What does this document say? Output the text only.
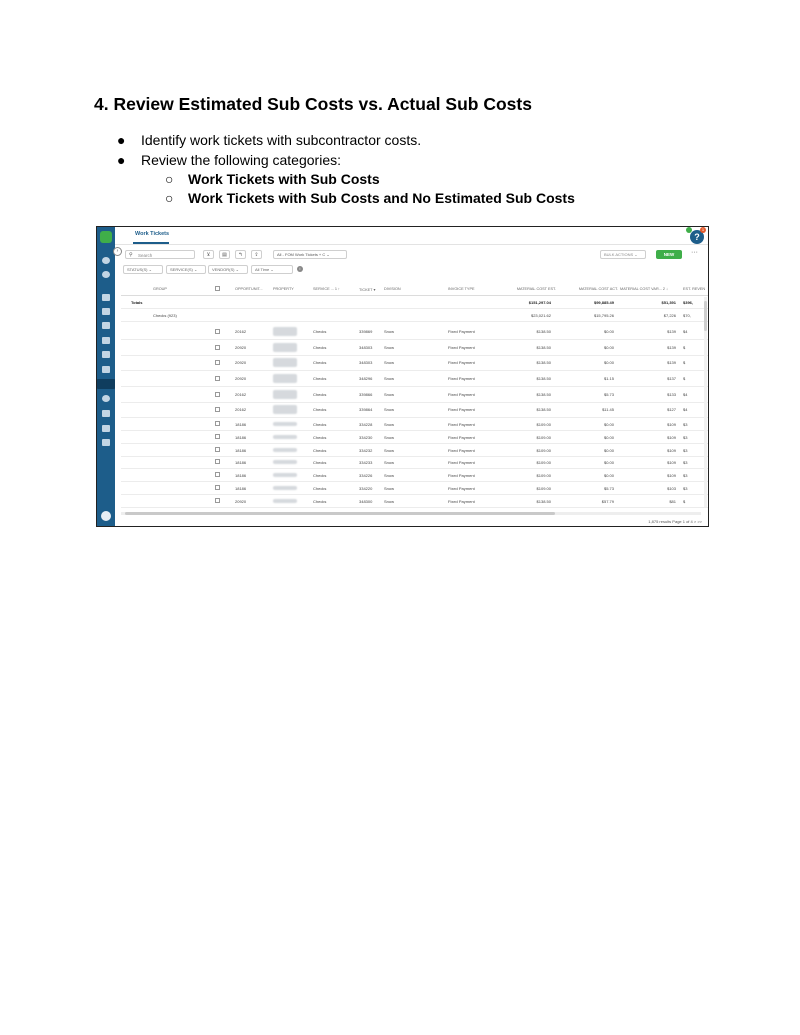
4. Review Estimated Sub Costs vs. Actual Sub Costs
● Identify work tickets with subcontractor costs.
● Review the following categories:
○ Work Tickets with Sub Costs
○ Work Tickets with Sub Costs and No Estimated Sub Costs
›
Work Tickets	?
1
⚲ Search	⊻	▤	↰	⇪	All - FOM Work Tickets + C ⌄	BULK ACTIONS ⌄	NEW	···
STATUS(S) ⌄	SERVICE(S) ⌄	VENDOR(S) ⌄	All Time ⌄	i
GROUP	OPPORTUNIT...	PROPERTY	SERVICE ... 1 ↑	TICKET ▾	DIVISION	INVOICE TYPE	MATERIAL COST EST.	MATERIAL COST ACT. MATERIAL COST VAR... 2 ↓	EST. REVEN
Totals	$151,297.04	$99,885.49	$51,391 $396,
Checks (923)	$23,021.62	$15,795.26	$7,226 $70,
20162	Checks	339869	Snow	Fixed Payment	$138.50	$0.00	$139 $4
20920	Checks	348303	Snow	Fixed Payment	$138.50	$0.00	$139 $
20920	Checks	348303	Snow	Fixed Payment	$138.50	$0.00	$139 $
20920	Checks	348296	Snow	Fixed Payment	$138.50	$1.15	$137 $
20162	Checks	339866	Snow	Fixed Payment	$138.50	$5.73	$133 $4
20162	Checks	339864	Snow	Fixed Payment	$138.50	$11.45	$127 $4
18186	Checks	334228	Snow	Fixed Payment	$109.00	$0.00	$109 $3
18186	Checks	334230	Snow	Fixed Payment	$109.00	$0.00	$109 $3
18186	Checks	334232	Snow	Fixed Payment	$109.00	$0.00	$109 $3
18186	Checks	334233	Snow	Fixed Payment	$109.00	$0.00	$109 $3
18186	Checks	334226	Snow	Fixed Payment	$109.00	$0.00	$109 $3
18186	Checks	334220	Snow	Fixed Payment	$109.00	$5.73	$103 $3
20920	Checks	348300	Snow	Fixed Payment	$138.50	$57.79	$81 $
1,875 results Page 1 of 4 > >>
